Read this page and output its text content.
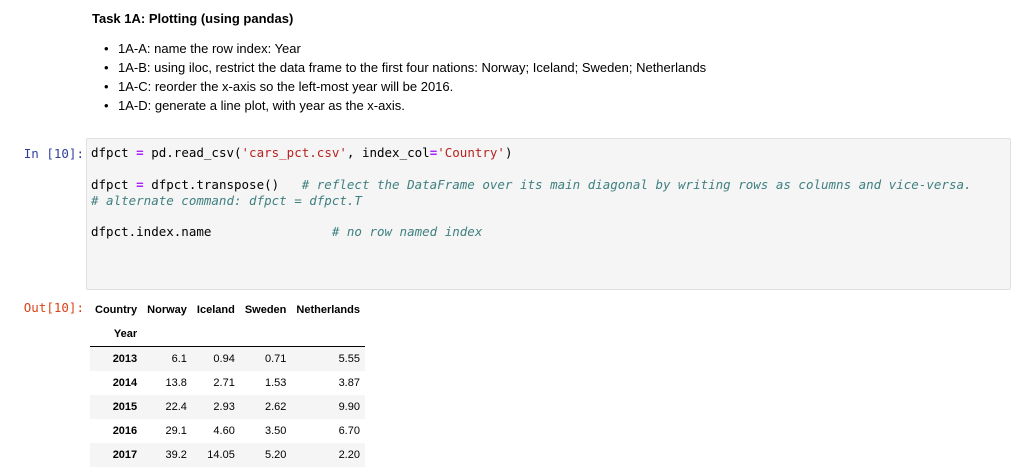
Task 1A: Plotting (using pandas)
• 1A-A: name the row index: Year
• 1A-B: using iloc, restrict the data frame to the first four nations: Norway; Iceland; Sweden; Netherlands
• 1A-C: reorder the x-axis so the left-most year will be 2016.
• 1A-D: generate a line plot, with year as the x-axis.
In [10]: dfpct = pd.read_csv('cars_pct.csv', index_col='Country')
dfpct = dfpct.transpose()   # reflect the DataFrame over its main diagonal by writing rows as columns and vice-versa.
# alternate command: dfpct = dfpct.T
dfpct.index.name                # no row named index
Out[10]: Country	Norway	Iceland	Sweden	Netherlands
Year				
2013	6.1	0.94	0.71	5.55
2014	13.8	2.71	1.53	3.87
2015	22.4	2.93	2.62	9.90
2016	29.1	4.60	3.50	6.70
2017	39.2	14.05	5.20	2.20
